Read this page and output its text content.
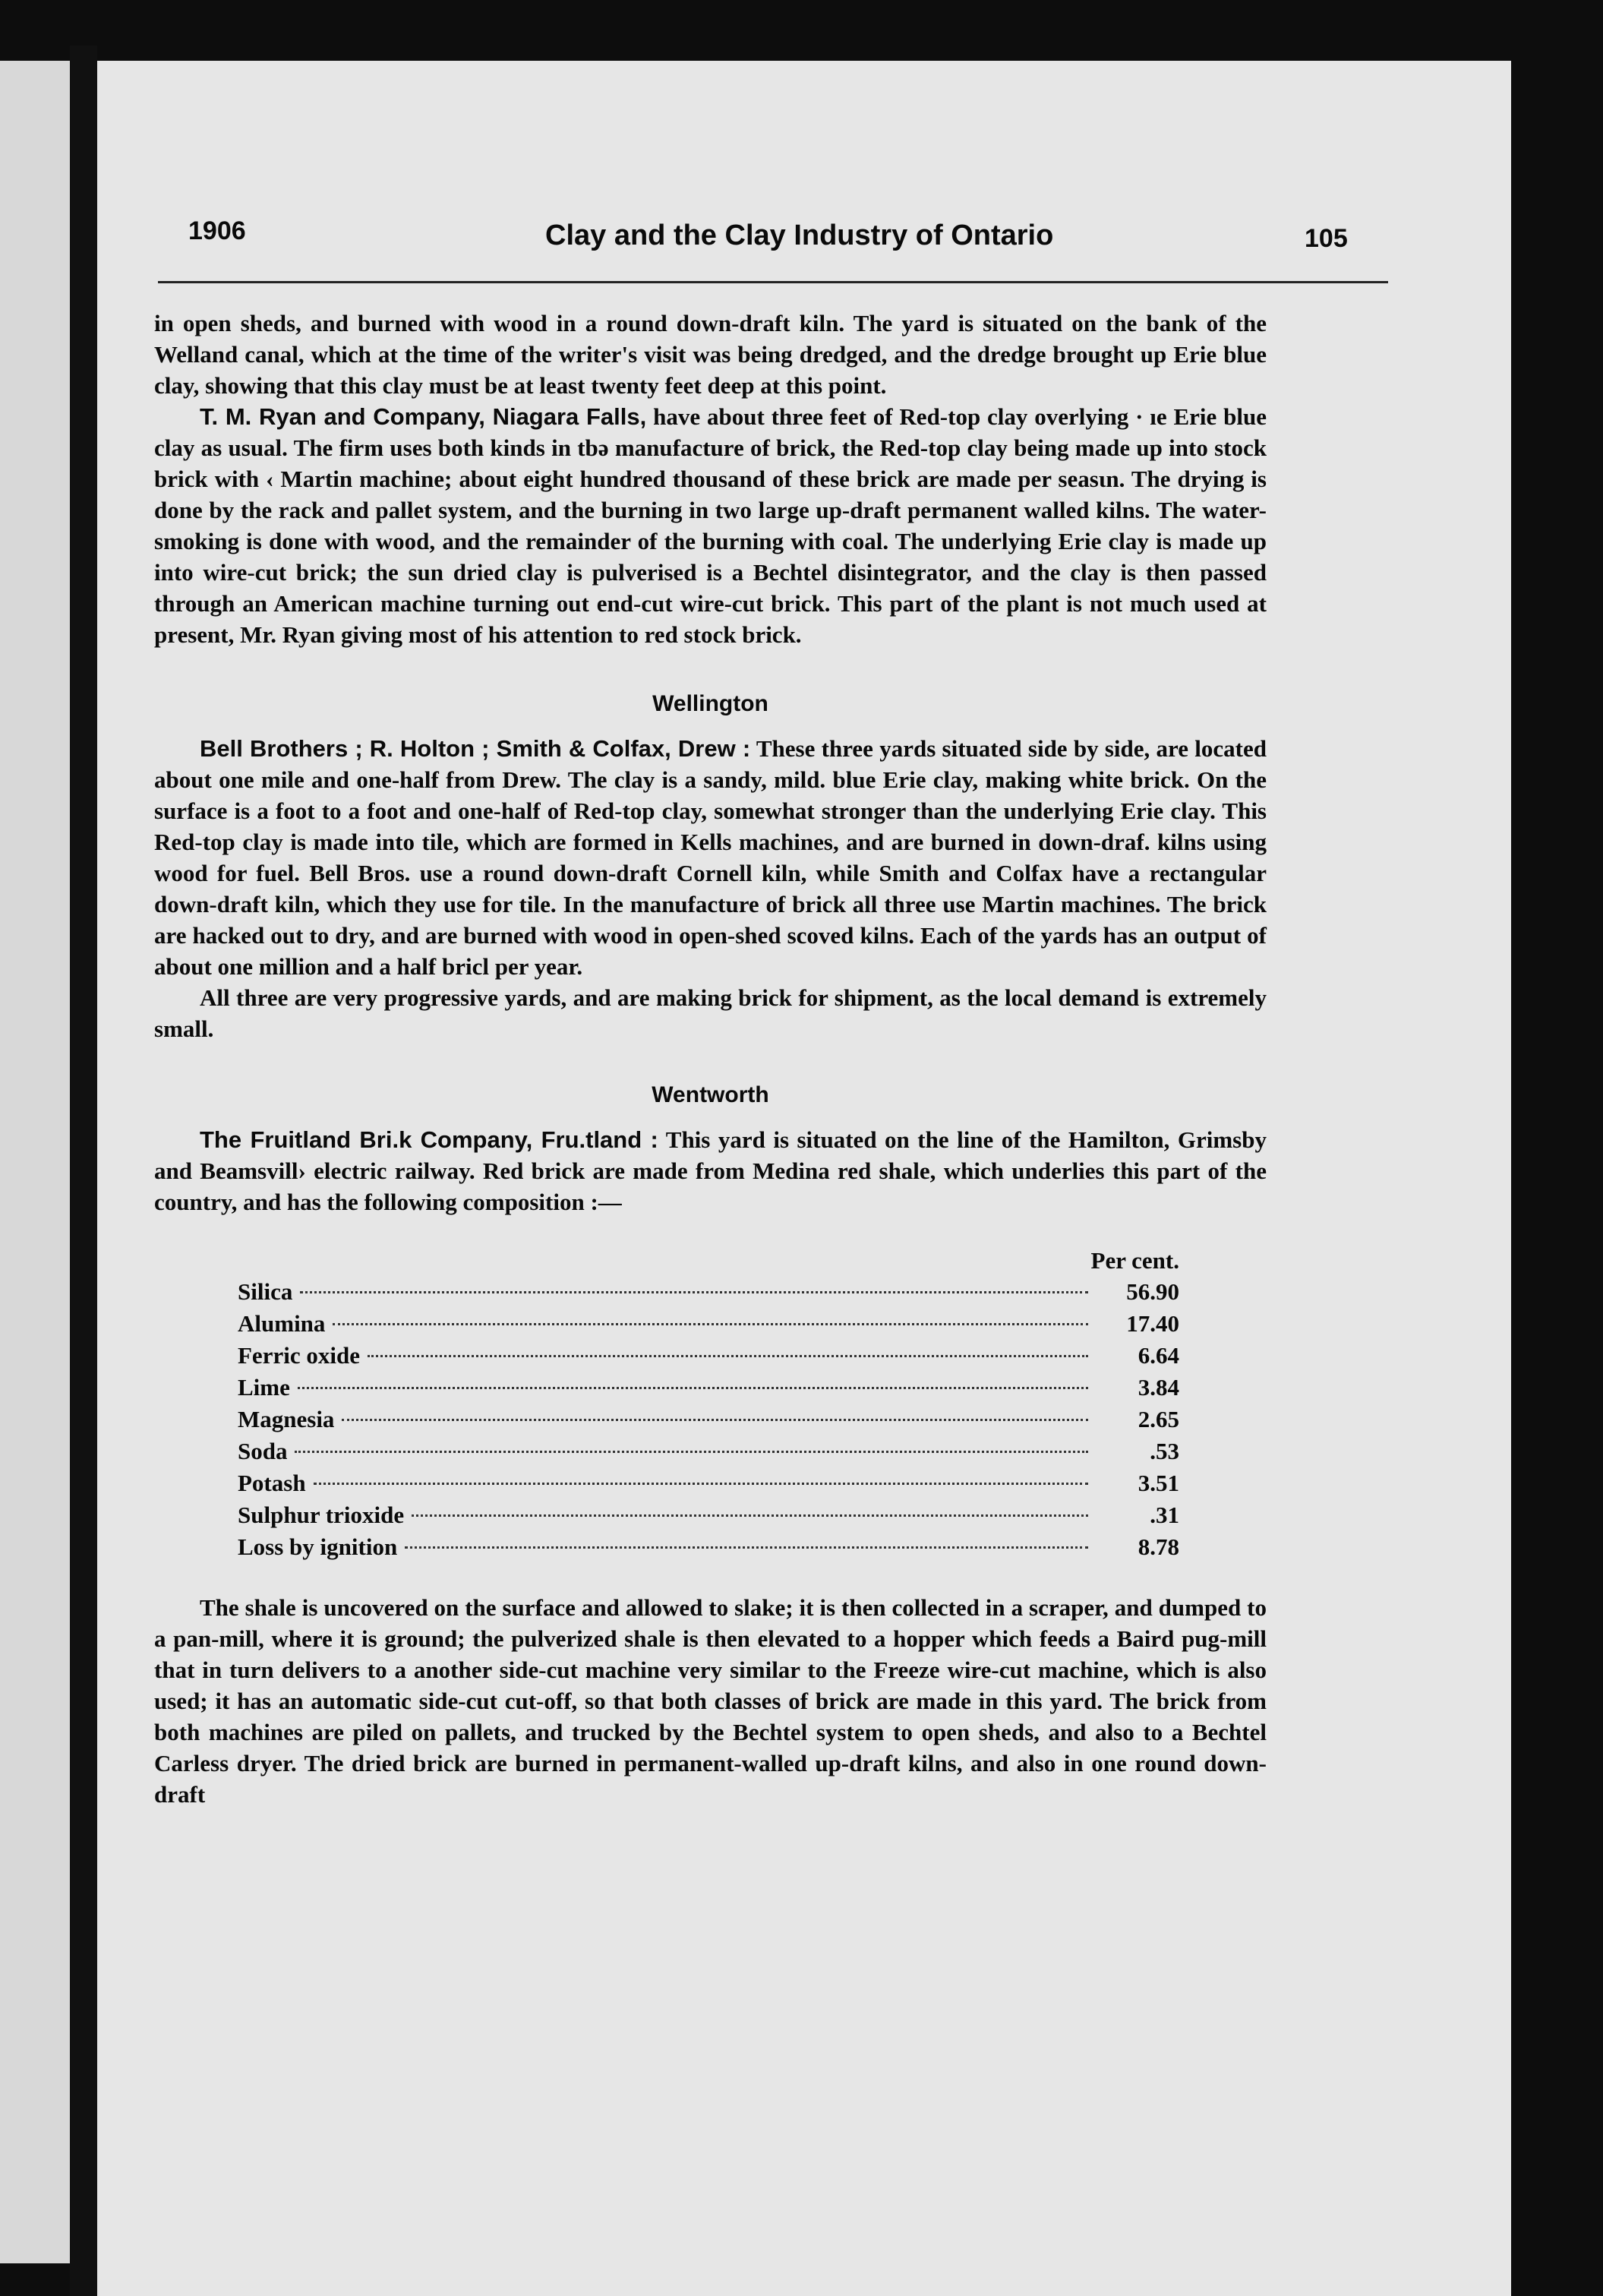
1906	Clay and the Clay Industry of Ontario	105

in open sheds, and burned with wood in a round down-draft kiln. The yard is situated on the bank of the Welland canal, which at the time of the writer's visit was being dredged, and the dredge brought up Erie blue clay, showing that this clay must be at least twenty feet deep at this point.

T. M. Ryan and Company, Niagara Falls, have about three feet of Red-top clay overlying · ıe Erie blue clay as usual. The firm uses both kinds in tbə manufacture of brick, the Red-top clay being made up into stock brick with ‹ Martin machine; about eight hundred thousand of these brick are made per seasɩn. The drying is done by the rack and pallet system, and the burning in two large up-draft permanent walled kilns. The water-smoking is done with wood, and the remainder of the burning with coal. The underlying Erie clay is made up into wire-cut brick; the sun dried clay is pulverised is a Bechtel disintegrator, and the clay is then passed through an American machine turning out end-cut wire-cut brick. This part of the plant is not much used at present, Mr. Ryan giving most of his attention to red stock brick.

Wellington

Bell Brothers ; R. Holton ; Smith & Colfax, Drew : These three yards situated side by side, are located about one mile and one-half from Drew. The clay is a sandy, mild. blue Erie clay, making white brick. On the surface is a foot to a foot and one-half of Red-top clay, somewhat stronger than the underlying Erie clay. This Red-top clay is made into tile, which are formed in Kells machines, and are burned in down-draf. kilns using wood for fuel. Bell Bros. use a round down-draft Cornell kiln, while Smith and Colfax have a rectangular down-draft kiln, which they use for tile. In the manufacture of brick all three use Martin machines. The brick are hacked out to dry, and are burned with wood in open-shed scoved kilns. Each of the yards has an output of about one million and a half bricl per year.

All three are very progressive yards, and are making brick for shipment, as the local demand is extremely small.

Wentworth

The Fruitland Bri.k Company, Fru.tland : This yard is situated on the line of the Hamilton, Grimsby and Beamsvill› electric railway. Red brick are made from Medina red shale, which underlies this part of the country, and has the following composition :—

Per cent.
Silica	56.90
Alumina	17.40
Ferric oxide	6.64
Lime	3.84
Magnesia	2.65
Soda	.53
Potash	3.51
Sulphur trioxide	.31
Loss by ignition	8.78

The shale is uncovered on the surface and allowed to slake; it is then collected in a scraper, and dumped to a pan-mill, where it is ground; the pulverized shale is then elevated to a hopper which feeds a Baird pug-mill that in turn delivers to a another side-cut machine very similar to the Freeze wire-cut machine, which is also used; it has an automatic side-cut cut-off, so that both classes of brick are made in this yard. The brick from both machines are piled on pallets, and trucked by the Bechtel system to open sheds, and also to a Bechtel Carless dryer. The dried brick are burned in permanent-walled up-draft kilns, and also in one round down-draft
